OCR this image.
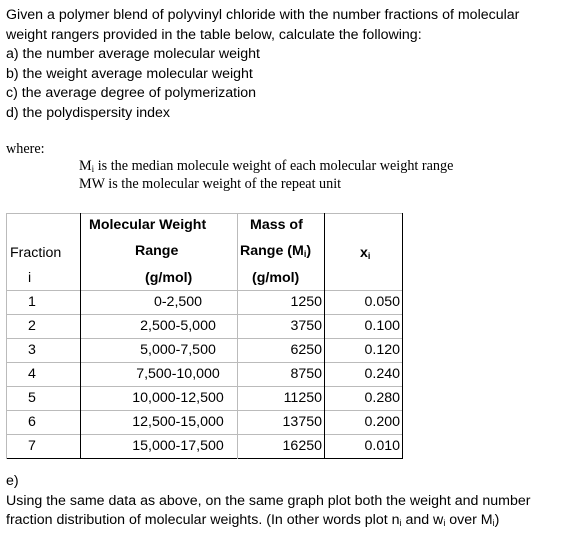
Given a polymer blend of polyvinyl chloride with the number fractions of molecular
weight rangers provided in the table below, calculate the following:
a) the number average molecular weight
b) the weight average molecular weight
c) the average degree of polymerization
d) the polydispersity index
where:
$M_i$ is the median molecule weight of each molecular weight range
MW is the molecular weight of the repeat unit
Molecular Weight	Mass of
Fraction	Range	Range $(M_i)$	$x_i$
i	(g/mol)	(g/mol)
1	0-2,500	1250	0.050
2	2,500-5,000	3750	0.100
3	5,000-7,500	6250	0.120
4	7,500-10,000	8750	0.240
5	10,000-12,500	11250	0.280
6	12,500-15,000	13750	0.200
7	15,000-17,500	16250	0.010
e)
Using the same data as above, on the same graph plot both the weight and number
fraction distribution of molecular weights. (In other words plot $n_i$ and $w_i$ over $M_i$)
